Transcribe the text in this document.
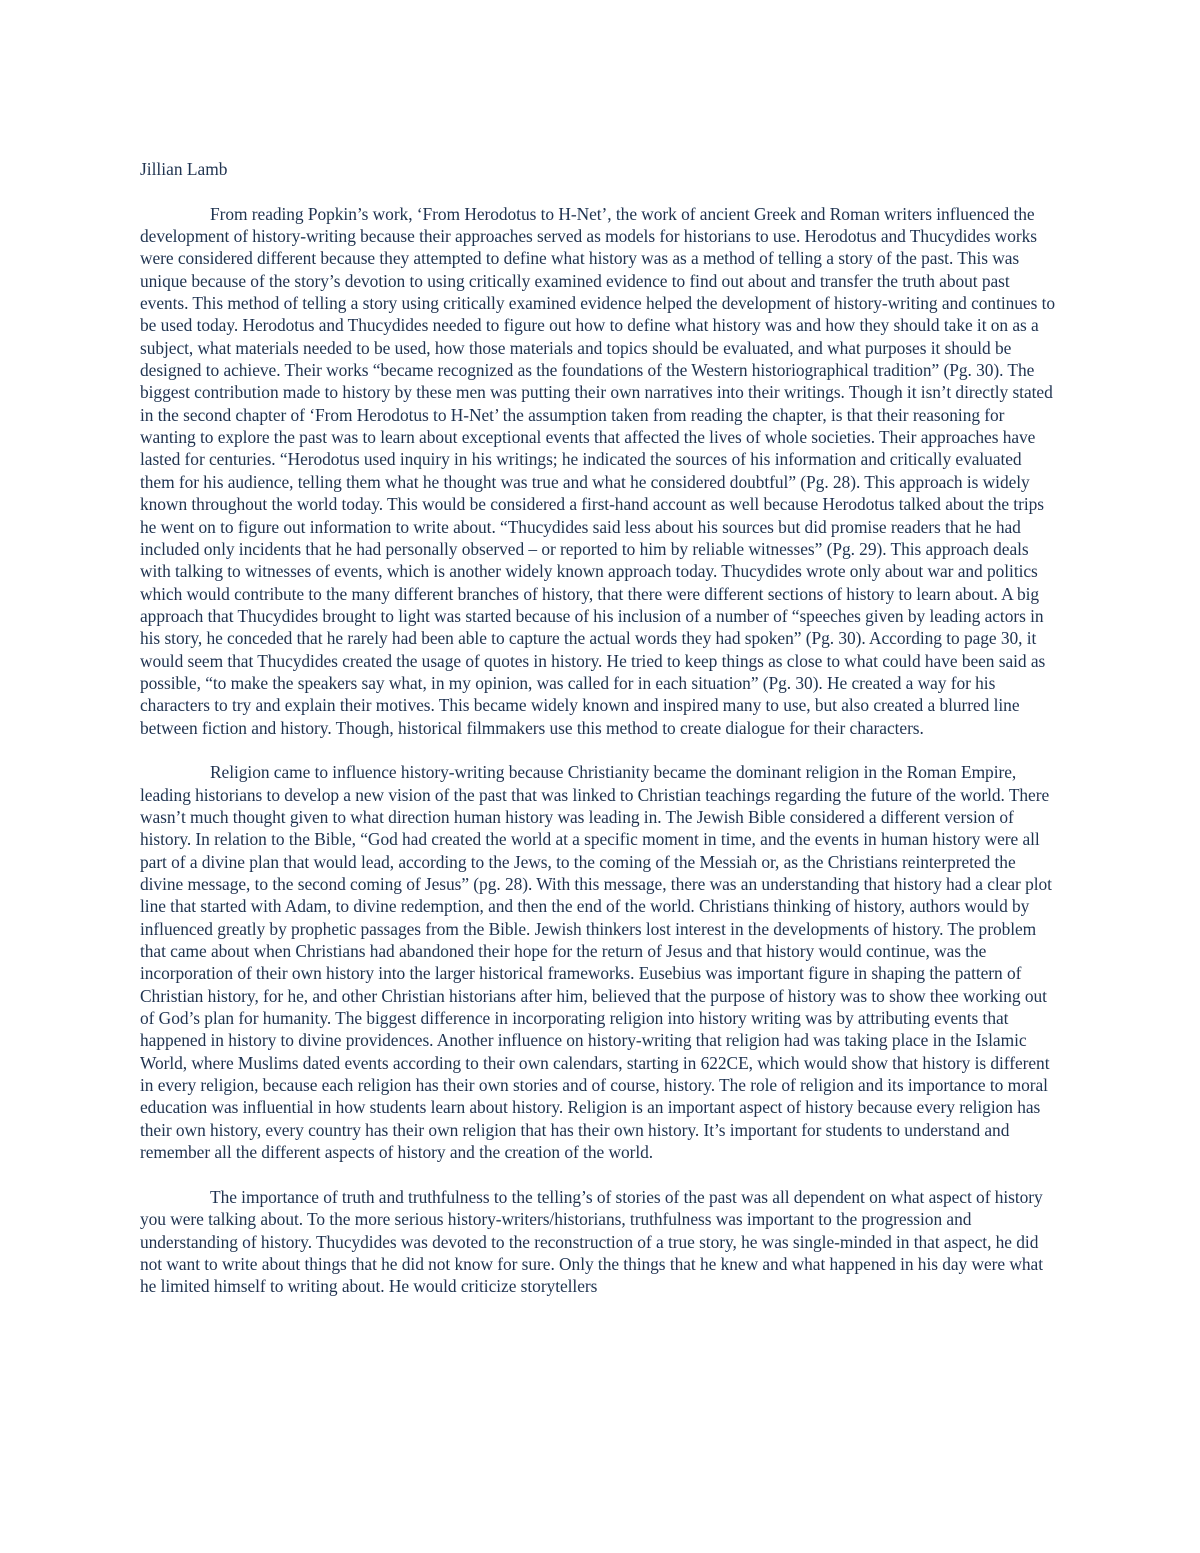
Jillian Lamb

From reading Popkin’s work, ‘From Herodotus to H-Net’, the work of ancient Greek and Roman writers influenced the development of history-writing because their approaches served as models for historians to use. Herodotus and Thucydides works were considered different because they attempted to define what history was as a method of telling a story of the past. This was unique because of the story’s devotion to using critically examined evidence to find out about and transfer the truth about past events. This method of telling a story using critically examined evidence helped the development of history-writing and continues to be used today. Herodotus and Thucydides needed to figure out how to define what history was and how they should take it on as a subject, what materials needed to be used, how those materials and topics should be evaluated, and what purposes it should be designed to achieve. Their works “became recognized as the foundations of the Western historiographical tradition” (Pg. 30). The biggest contribution made to history by these men was putting their own narratives into their writings. Though it isn’t directly stated in the second chapter of ‘From Herodotus to H-Net’ the assumption taken from reading the chapter, is that their reasoning for wanting to explore the past was to learn about exceptional events that affected the lives of whole societies. Their approaches have lasted for centuries. “Herodotus used inquiry in his writings; he indicated the sources of his information and critically evaluated them for his audience, telling them what he thought was true and what he considered doubtful” (Pg. 28). This approach is widely known throughout the world today. This would be considered a first-hand account as well because Herodotus talked about the trips he went on to figure out information to write about. “Thucydides said less about his sources but did promise readers that he had included only incidents that he had personally observed – or reported to him by reliable witnesses” (Pg. 29). This approach deals with talking to witnesses of events, which is another widely known approach today. Thucydides wrote only about war and politics which would contribute to the many different branches of history, that there were different sections of history to learn about. A big approach that Thucydides brought to light was started because of his inclusion of a number of “speeches given by leading actors in his story, he conceded that he rarely had been able to capture the actual words they had spoken” (Pg. 30). According to page 30, it would seem that Thucydides created the usage of quotes in history. He tried to keep things as close to what could have been said as possible, “to make the speakers say what, in my opinion, was called for in each situation” (Pg. 30). He created a way for his characters to try and explain their motives. This became widely known and inspired many to use, but also created a blurred line between fiction and history. Though, historical filmmakers use this method to create dialogue for their characters.

Religion came to influence history-writing because Christianity became the dominant religion in the Roman Empire, leading historians to develop a new vision of the past that was linked to Christian teachings regarding the future of the world. There wasn’t much thought given to what direction human history was leading in. The Jewish Bible considered a different version of history. In relation to the Bible, “God had created the world at a specific moment in time, and the events in human history were all part of a divine plan that would lead, according to the Jews, to the coming of the Messiah or, as the Christians reinterpreted the divine message, to the second coming of Jesus” (pg. 28). With this message, there was an understanding that history had a clear plot line that started with Adam, to divine redemption, and then the end of the world. Christians thinking of history, authors would by influenced greatly by prophetic passages from the Bible. Jewish thinkers lost interest in the developments of history. The problem that came about when Christians had abandoned their hope for the return of Jesus and that history would continue, was the incorporation of their own history into the larger historical frameworks. Eusebius was important figure in shaping the pattern of Christian history, for he, and other Christian historians after him, believed that the purpose of history was to show thee working out of God’s plan for humanity. The biggest difference in incorporating religion into history writing was by attributing events that happened in history to divine providences. Another influence on history-writing that religion had was taking place in the Islamic World, where Muslims dated events according to their own calendars, starting in 622CE, which would show that history is different in every religion, because each religion has their own stories and of course, history. The role of religion and its importance to moral education was influential in how students learn about history. Religion is an important aspect of history because every religion has their own history, every country has their own religion that has their own history. It’s important for students to understand and remember all the different aspects of history and the creation of the world.

The importance of truth and truthfulness to the telling’s of stories of the past was all dependent on what aspect of history you were talking about. To the more serious history-writers/historians, truthfulness was important to the progression and understanding of history. Thucydides was devoted to the reconstruction of a true story, he was single-minded in that aspect, he did not want to write about things that he did not know for sure. Only the things that he knew and what happened in his day were what he limited himself to writing about. He would criticize storytellers
